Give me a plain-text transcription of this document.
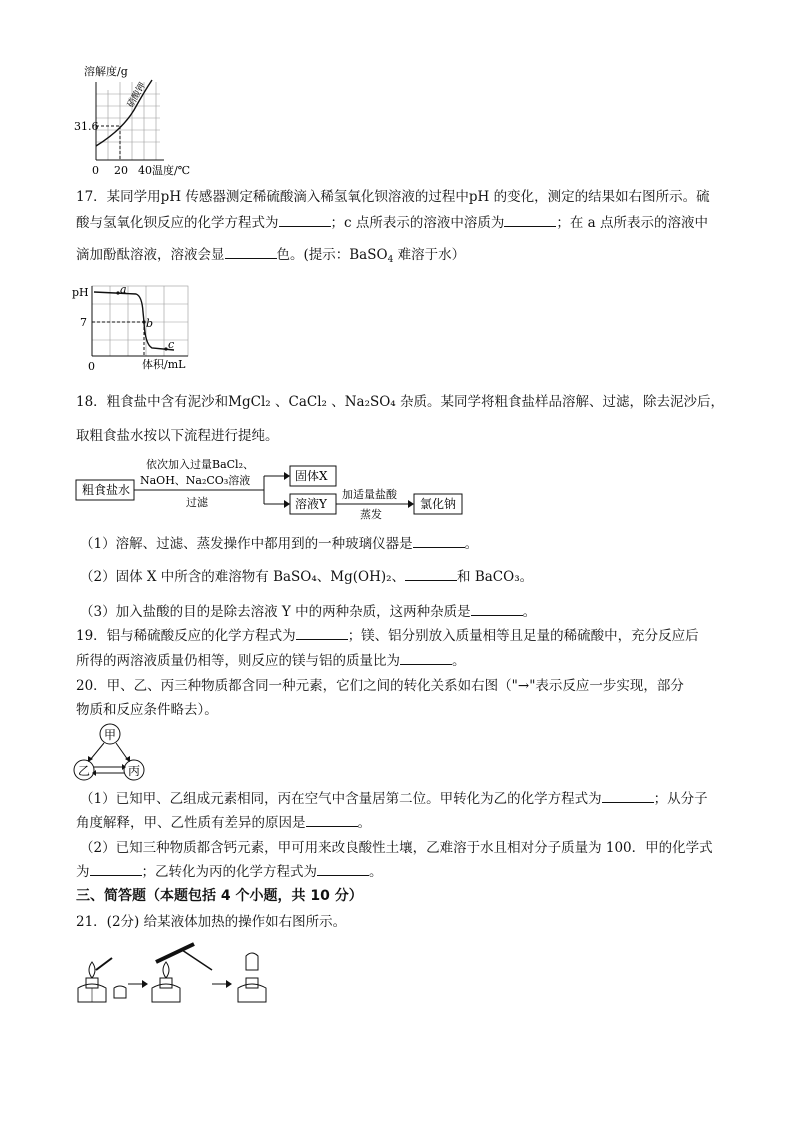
溶解度/g
硝酸钾
31.6
0 20 40 温度/℃
17．某同学用pH 传感器测定稀硫酸滴入稀氢氧化钡溶液的过程中pH 的变化，测定的结果如右图所示。硫
酸与氢氧化钡反应的化学方程式为	；c 点所表示的溶液中溶质为	；在 a 点所表示的溶液中
滴加酚酞溶液，溶液会显	色。(提示：BaSO$_4$ 难溶于水）
pH
7
0
a
b
c
体积/mL
18．粗食盐中含有泥沙和MgCl₂ 、CaCl₂ 、Na₂SO₄ 杂质。某同学将粗食盐样品溶解、过滤，除去泥沙后，
取粗食盐水按以下流程进行提纯。
粗食盐水
依次加入过量BaCl₂、
NaOH、Na₂CO₃溶液
过滤
固体X
溶液Y
加适量盐酸
蒸发
氯化钠
（1）溶解、过滤、蒸发操作中都用到的一种玻璃仪器是	。
（2）固体 X 中所含的难溶物有 BaSO₄、Mg(OH)₂、	和 BaCO₃。
（3）加入盐酸的目的是除去溶液 Y 中的两种杂质，这两种杂质是	。
19．铝与稀硫酸反应的化学方程式为	；镁、铝分别放入质量相等且足量的稀硫酸中，充分反应后
所得的两溶液质量仍相等，则反应的镁与铝的质量比为	。
20．甲、乙、丙三种物质都含同一种元素，它们之间的转化关系如右图（"→"表示反应一步实现，部分
物质和反应条件略去）。
甲
乙	丙
（1）已知甲、乙组成元素相同，丙在空气中含量居第二位。甲转化为乙的化学方程式为	；从分子
角度解释，甲、乙性质有差异的原因是	。
（2）已知三种物质都含钙元素，甲可用来改良酸性土壤，乙难溶于水且相对分子质量为 100．甲的化学式
为	；乙转化为丙的化学方程式为	。
三、简答题（本题包括 4 个小题，共 10 分）
21．(2分) 给某液体加热的操作如右图所示。
